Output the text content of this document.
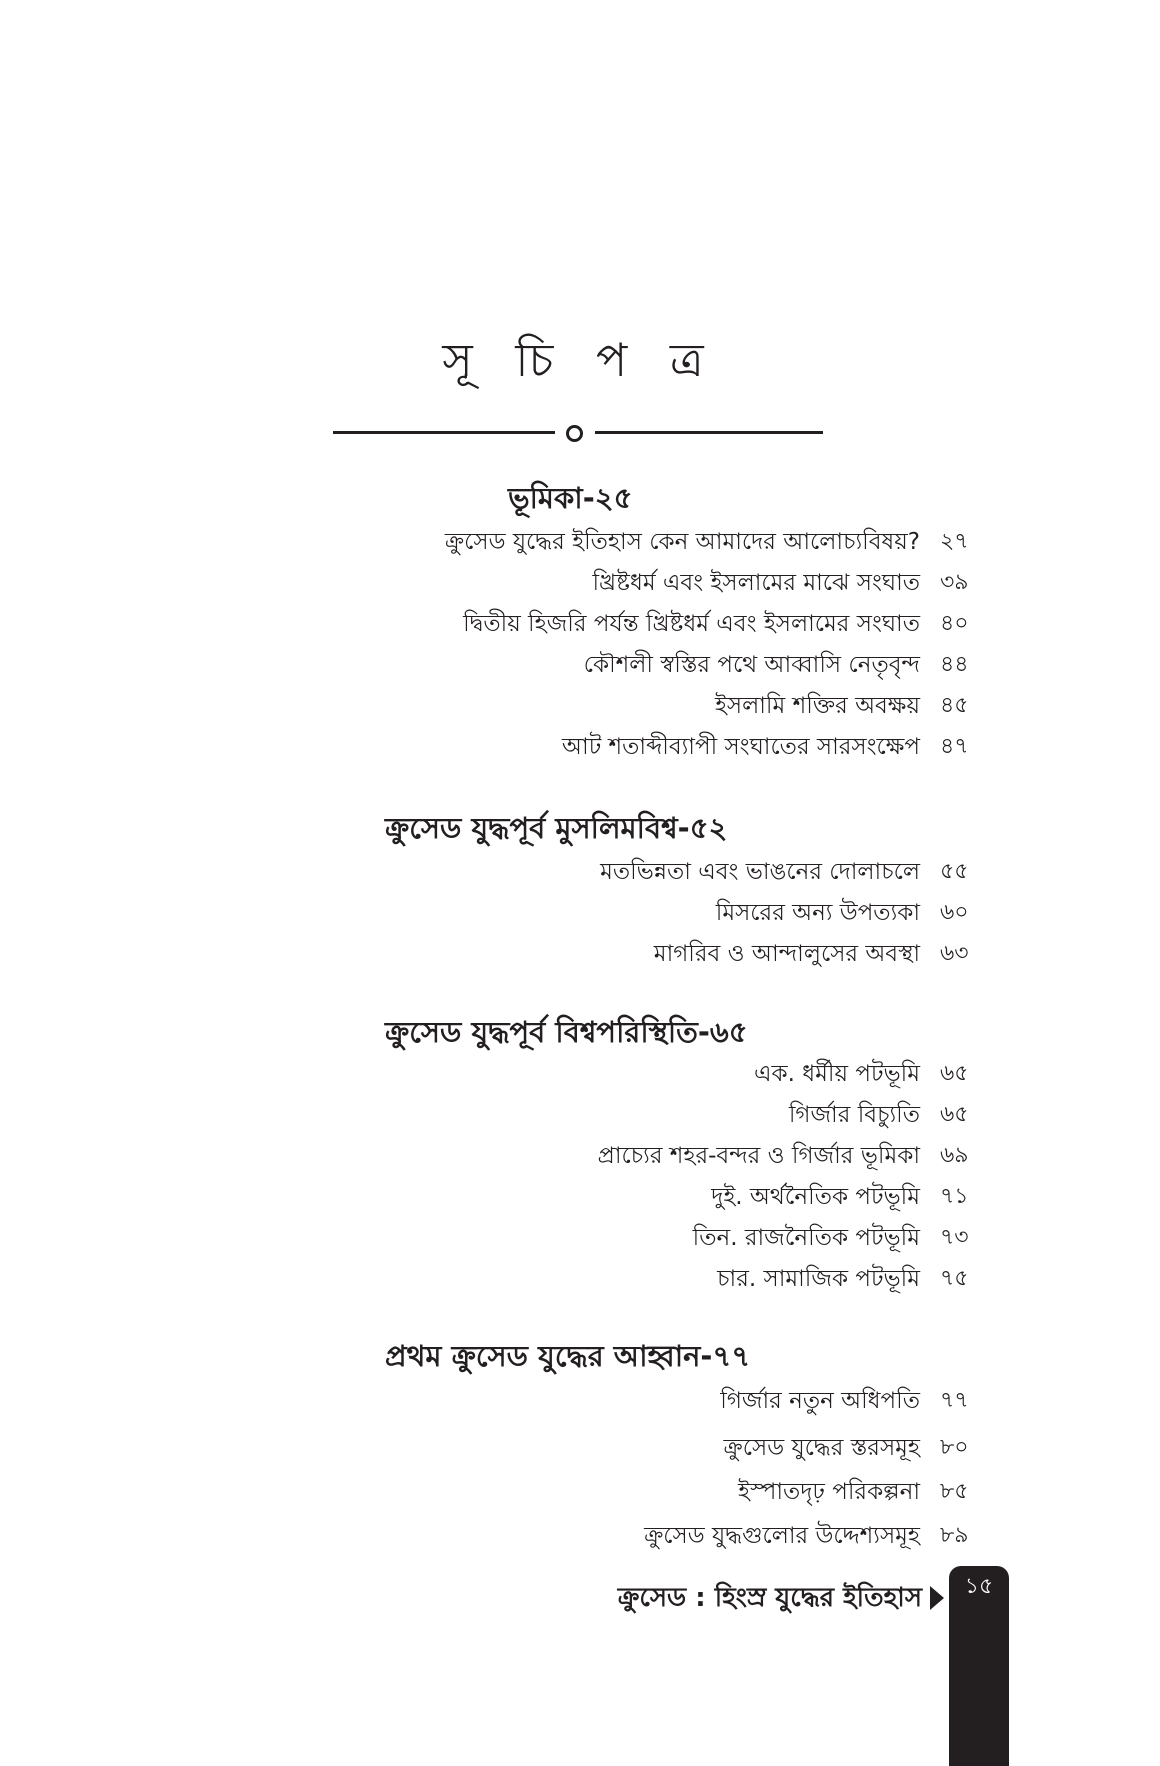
সূ চি প ত্র
ভূমিকা-২৫
ক্রুসেড যুদ্ধের ইতিহাস কেন আমাদের আলোচ্যবিষয়? ২৭
খ্রিষ্টধর্ম এবং ইসলামের মাঝে সংঘাত ৩৯
দ্বিতীয় হিজরি পর্যন্ত খ্রিষ্টধর্ম এবং ইসলামের সংঘাত ৪০
কৌশলী স্বস্তির পথে আব্বাসি নেতৃবৃন্দ ৪৪
ইসলামি শক্তির অবক্ষয় ৪৫
আট শতাব্দীব্যাপী সংঘাতের সারসংক্ষেপ ৪৭
ক্রুসেড যুদ্ধপূর্ব মুসলিমবিশ্ব-৫২
মতভিন্নতা এবং ভাঙনের দোলাচলে ৫৫
মিসরের অন্য উপত্যকা ৬০
মাগরিব ও আন্দালুসের অবস্থা ৬৩
ক্রুসেড যুদ্ধপূর্ব বিশ্বপরিস্থিতি-৬৫
এক. ধর্মীয় পটভূমি ৬৫
গির্জার বিচ্যুতি ৬৫
প্রাচ্যের শহর-বন্দর ও গির্জার ভূমিকা ৬৯
দুই. অর্থনৈতিক পটভূমি ৭১
তিন. রাজনৈতিক পটভূমি ৭৩
চার. সামাজিক পটভূমি ৭৫
প্রথম ক্রুসেড যুদ্ধের আহ্বান-৭৭
গির্জার নতুন অধিপতি ৭৭
ক্রুসেড যুদ্ধের স্তরসমূহ ৮০
ইস্পাতদৃঢ় পরিকল্পনা ৮৫
ক্রুসেড যুদ্ধগুলোর উদ্দেশ্যসমূহ ৮৯
ক্রুসেড : হিংস্র যুদ্ধের ইতিহাস	১৫
